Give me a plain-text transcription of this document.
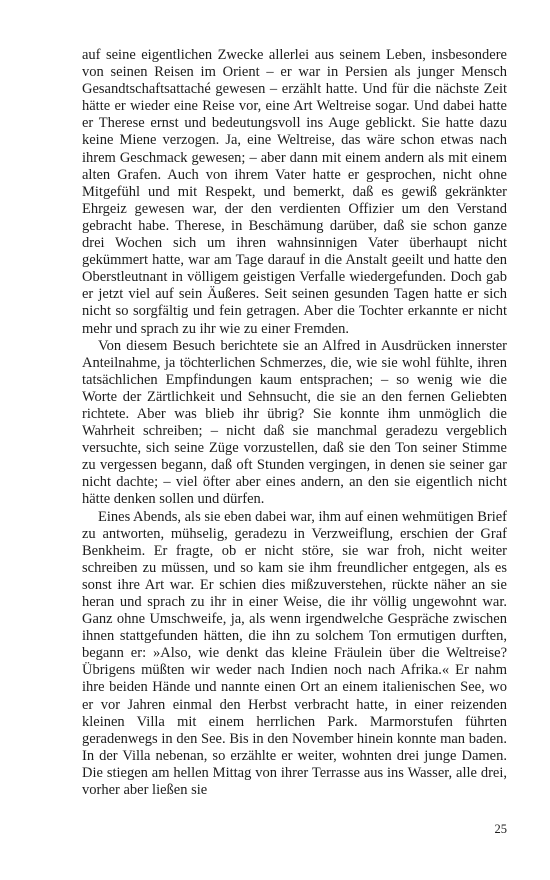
auf seine eigentlichen Zwecke allerlei aus seinem Leben, insbesondere von seinen Reisen im Orient – er war in Persien als junger Mensch Gesandtschaftsattaché gewesen – erzählt hatte. Und für die nächste Zeit hätte er wieder eine Reise vor, eine Art Weltreise sogar. Und dabei hatte er Therese ernst und bedeutungsvoll ins Auge geblickt. Sie hatte dazu keine Miene verzogen. Ja, eine Weltreise, das wäre schon etwas nach ihrem Geschmack gewesen; – aber dann mit einem andern als mit einem alten Grafen. Auch von ihrem Vater hatte er gesprochen, nicht ohne Mitgefühl und mit Respekt, und bemerkt, daß es gewiß gekränkter Ehrgeiz gewesen war, der den verdienten Offizier um den Verstand gebracht habe. Therese, in Beschämung darüber, daß sie schon ganze drei Wochen sich um ihren wahnsinnigen Vater überhaupt nicht gekümmert hatte, war am Tage darauf in die Anstalt geeilt und hatte den Oberstleutnant in völligem geistigen Verfalle wiedergefunden. Doch gab er jetzt viel auf sein Äußeres. Seit seinen gesunden Tagen hatte er sich nicht so sorgfältig und fein getragen. Aber die Tochter erkannte er nicht mehr und sprach zu ihr wie zu einer Fremden.

Von diesem Besuch berichtete sie an Alfred in Ausdrücken innerster Anteilnahme, ja töchterlichen Schmerzes, die, wie sie wohl fühlte, ihren tatsächlichen Empfindungen kaum entsprachen; – so wenig wie die Worte der Zärtlichkeit und Sehnsucht, die sie an den fernen Geliebten richtete. Aber was blieb ihr übrig? Sie konnte ihm unmöglich die Wahrheit schreiben; – nicht daß sie manchmal geradezu vergeblich versuchte, sich seine Züge vorzustellen, daß sie den Ton seiner Stimme zu vergessen begann, daß oft Stunden vergingen, in denen sie seiner gar nicht dachte; – viel öfter aber eines andern, an den sie eigentlich nicht hätte denken sollen und dürfen.

Eines Abends, als sie eben dabei war, ihm auf einen wehmütigen Brief zu antworten, mühselig, geradezu in Verzweiflung, erschien der Graf Benkheim. Er fragte, ob er nicht störe, sie war froh, nicht weiter schreiben zu müssen, und so kam sie ihm freundlicher entgegen, als es sonst ihre Art war. Er schien dies mißzuverstehen, rückte näher an sie heran und sprach zu ihr in einer Weise, die ihr völlig ungewohnt war. Ganz ohne Umschweife, ja, als wenn irgendwelche Gespräche zwischen ihnen stattgefunden hätten, die ihn zu solchem Ton ermutigen durften, begann er: »Also, wie denkt das kleine Fräulein über die Weltreise? Übrigens müßten wir weder nach Indien noch nach Afrika.« Er nahm ihre beiden Hände und nannte einen Ort an einem italienischen See, wo er vor Jahren einmal den Herbst verbracht hatte, in einer reizenden kleinen Villa mit einem herrlichen Park. Marmorstufen führten geradenwegs in den See. Bis in den November hinein konnte man baden. In der Villa nebenan, so erzählte er weiter, wohnten drei junge Damen. Die stiegen am hellen Mittag von ihrer Terrasse aus ins Wasser, alle drei, vorher aber ließen sie

25
